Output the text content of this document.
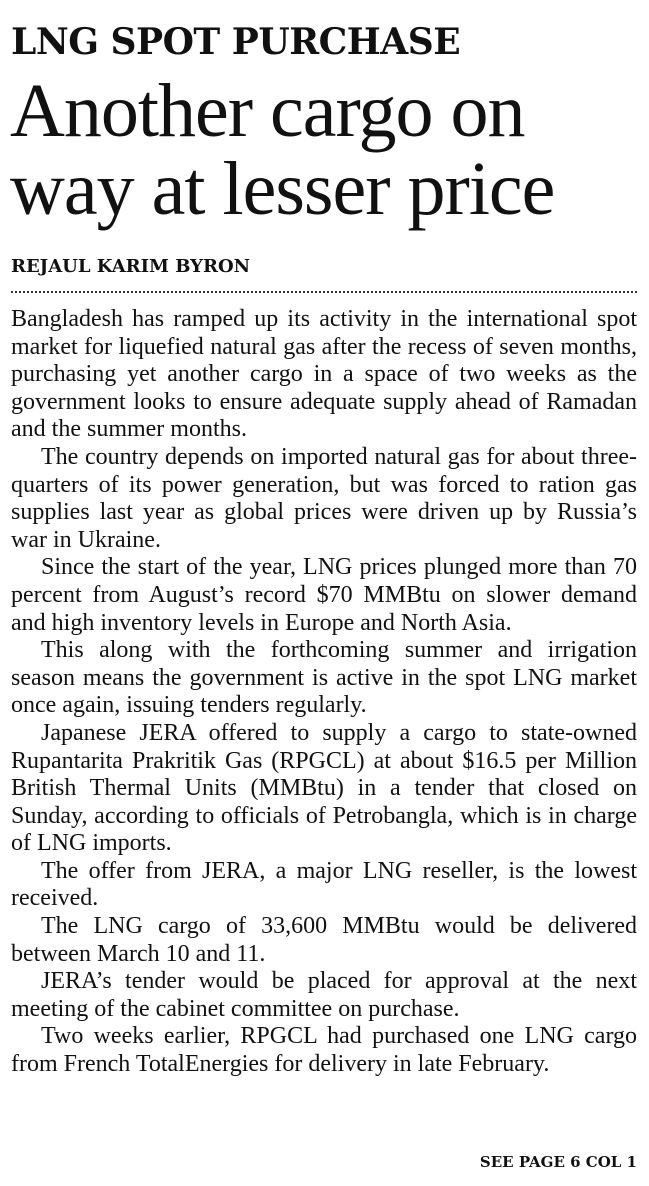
LNG SPOT PURCHASE
Another cargo on
way at lesser price
REJAUL KARIM BYRON

Bangladesh has ramped up its activity in the international spot market for liquefied natural gas after the recess of seven months, purchasing yet another cargo in a space of two weeks as the government looks to ensure adequate supply ahead of Ramadan and the summer months.

The country depends on imported natural gas for about three-quarters of its power generation, but was forced to ration gas supplies last year as global prices were driven up by Russia’s war in Ukraine.

Since the start of the year, LNG prices plunged more than 70 percent from August’s record $70 MMBtu on slower demand and high inventory levels in Europe and North Asia.

This along with the forthcoming summer and irrigation season means the government is active in the spot LNG market once again, issuing tenders regularly.

Japanese JERA offered to supply a cargo to state-owned Rupantarita Prakritik Gas (RPGCL) at about $16.5 per Million British Thermal Units (MMBtu) in a tender that closed on Sunday, according to officials of Petrobangla, which is in charge of LNG imports.

The offer from JERA, a major LNG reseller, is the lowest received.

The LNG cargo of 33,600 MMBtu would be delivered between March 10 and 11.

JERA’s tender would be placed for approval at the next meeting of the cabinet committee on purchase.

Two weeks earlier, RPGCL had purchased one LNG cargo from French TotalEnergies for delivery in late February.

SEE PAGE 6 COL 1
